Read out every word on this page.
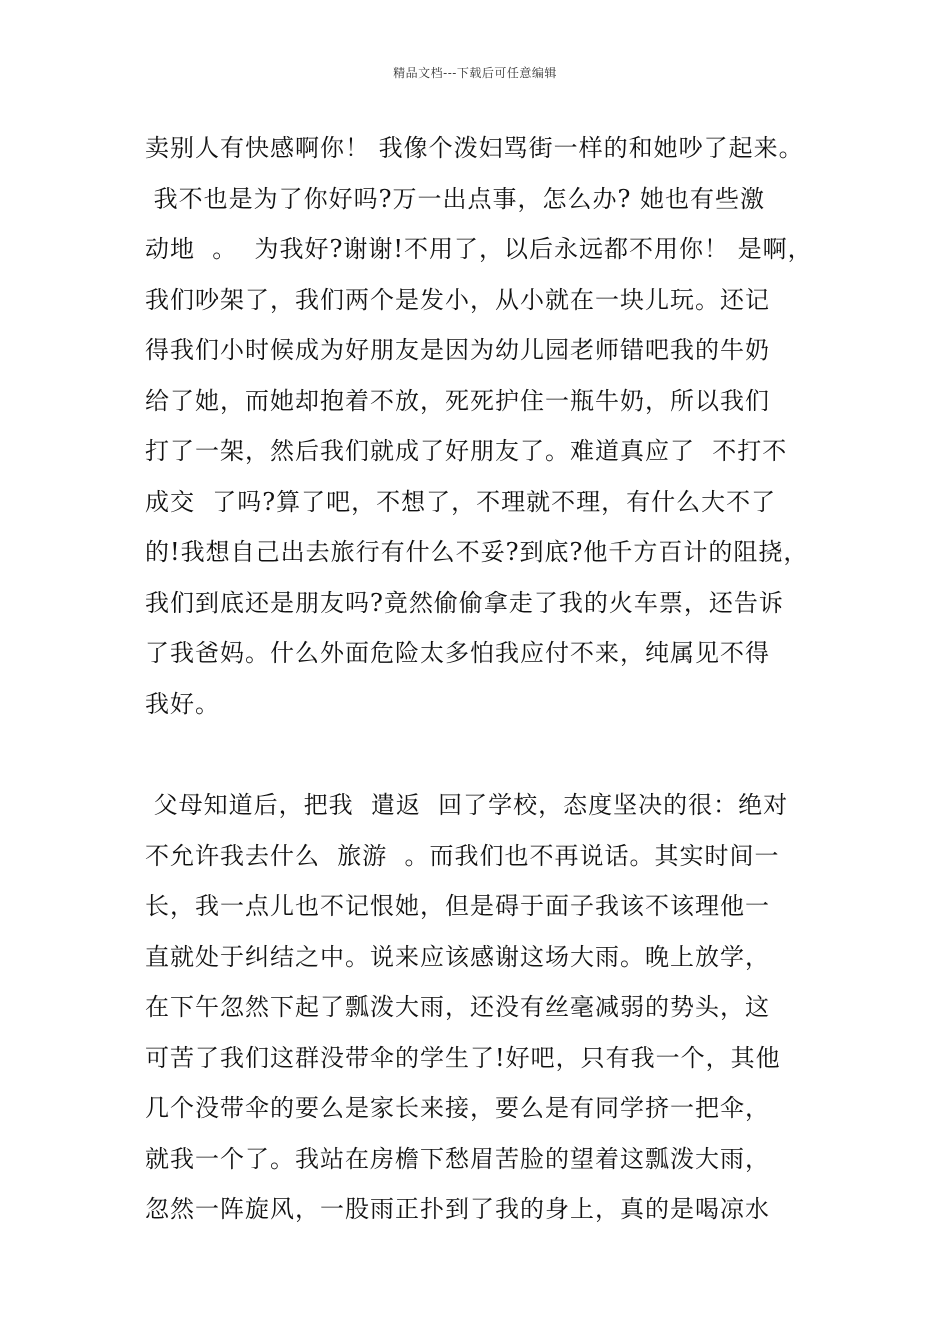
精品文档---下载后可任意编辑
卖别人有快感啊你！ 我像个泼妇骂街一样的和她吵了起来。
我不也是为了你好吗?万一出点事，怎么办? 她也有些激
动地  。  为我好?谢谢!不用了，以后永远都不用你！ 是啊，
我们吵架了，我们两个是发小，从小就在一块儿玩。还记
得我们小时候成为好朋友是因为幼儿园老师错吧我的牛奶
给了她，而她却抱着不放，死死护住一瓶牛奶，所以我们
打了一架，然后我们就成了好朋友了。难道真应了  不打不
成交  了吗?算了吧，不想了，不理就不理，有什么大不了
的!我想自己出去旅行有什么不妥?到底?他千方百计的阻挠，
我们到底还是朋友吗?竟然偷偷拿走了我的火车票，还告诉
了我爸妈。什么外面危险太多怕我应付不来，纯属见不得
我好。
父母知道后，把我  遣返  回了学校，态度坚决的很：绝对
不允许我去什么  旅游  。而我们也不再说话。其实时间一
长，我一点儿也不记恨她，但是碍于面子我该不该理他一
直就处于纠结之中。说来应该感谢这场大雨。晚上放学，
在下午忽然下起了瓢泼大雨，还没有丝毫减弱的势头，这
可苦了我们这群没带伞的学生了!好吧，只有我一个，其他
几个没带伞的要么是家长来接，要么是有同学挤一把伞，
就我一个了。我站在房檐下愁眉苦脸的望着这瓢泼大雨，
忽然一阵旋风，一股雨正扑到了我的身上，真的是喝凉水
